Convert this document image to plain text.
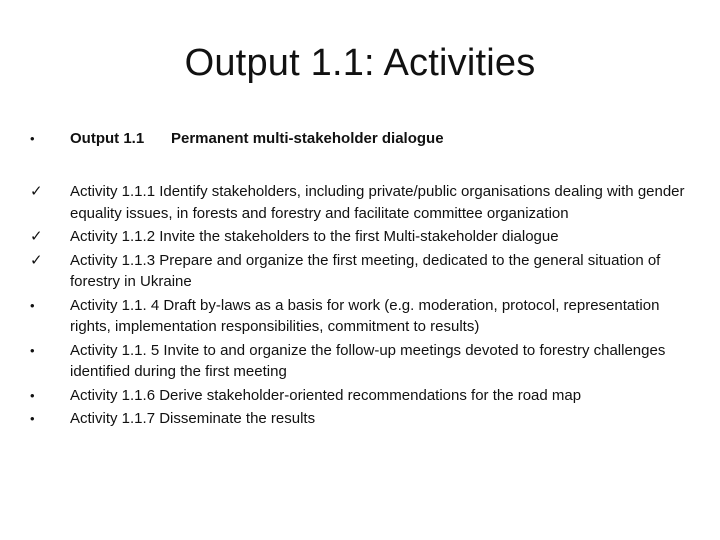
Output 1.1: Activities
•	Output 1.1	Permanent multi-stakeholder dialogue
✓	Activity 1.1.1 Identify stakeholders, including private/public organisations dealing with gender equality issues, in forests and forestry and facilitate committee organization
✓	Activity 1.1.2 Invite the stakeholders to the first Multi-stakeholder dialogue
✓	Activity 1.1.3 Prepare and organize the first meeting, dedicated to the general situation of forestry in Ukraine
•	Activity 1.1. 4 Draft by-laws as a basis for work (e.g. moderation, protocol, representation rights, implementation responsibilities, commitment to results)
•	Activity 1.1. 5 Invite to and organize the follow-up meetings devoted to forestry challenges identified during the first meeting
•	Activity 1.1.6 Derive stakeholder-oriented recommendations for the road map
•	Activity 1.1.7 Disseminate the results
